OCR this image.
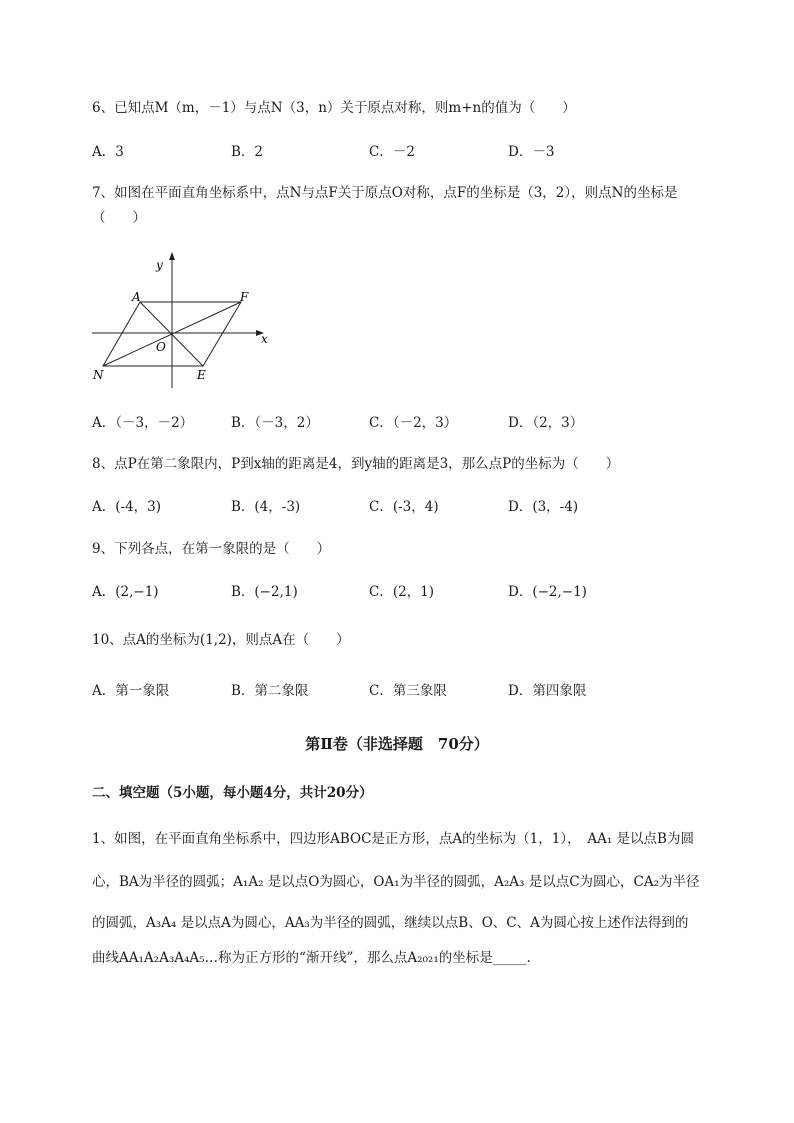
6、已知点M（m，－1）与点N（3，n）关于原点对称，则m+n的值为（　　）
A．3	B．2	C．－2	D．－3
7、如图在平面直角坐标系中，点N与点F关于原点O对称，点F的坐标是（3，2），则点N的坐标是
（　　）
y
x
A	F
O
N	E
A．（－3，－2）	B．（－3，2）	C．（－2，3）	D．（2，3）
8、点P在第二象限内，P到x轴的距离是4，到y轴的距离是3，那么点P的坐标为（　　）
A．(-4，3)	B．(4，-3)	C．(-3，4)	D．(3，-4)
9、下列各点，在第一象限的是（　　）
A．(2,−1)	B．(−2,1)	C．(2，1)	D．(−2,−1)
10、点A的坐标为(1,2)，则点A在（　　）
A．第一象限	B．第二象限	C．第三象限	D．第四象限
第Ⅱ卷（非选择题　70分）
二、填空题（5小题，每小题4分，共计20分）
1、如图，在平面直角坐标系中，四边形ABOC是正方形，点A的坐标为（1，1），　AA₁ 是以点B为圆
心，BA为半径的圆弧；A₁A₂ 是以点O为圆心，OA₁为半径的圆弧，A₂A₃ 是以点C为圆心，CA₂为半径
的圆弧，A₃A₄ 是以点A为圆心，AA₃为半径的圆弧，继续以点B、O、C、A为圆心按上述作法得到的
曲线AA₁A₂A₃A₄A₅…称为正方形的“渐开线”，那么点A₂₀₂₁的坐标是_____.
